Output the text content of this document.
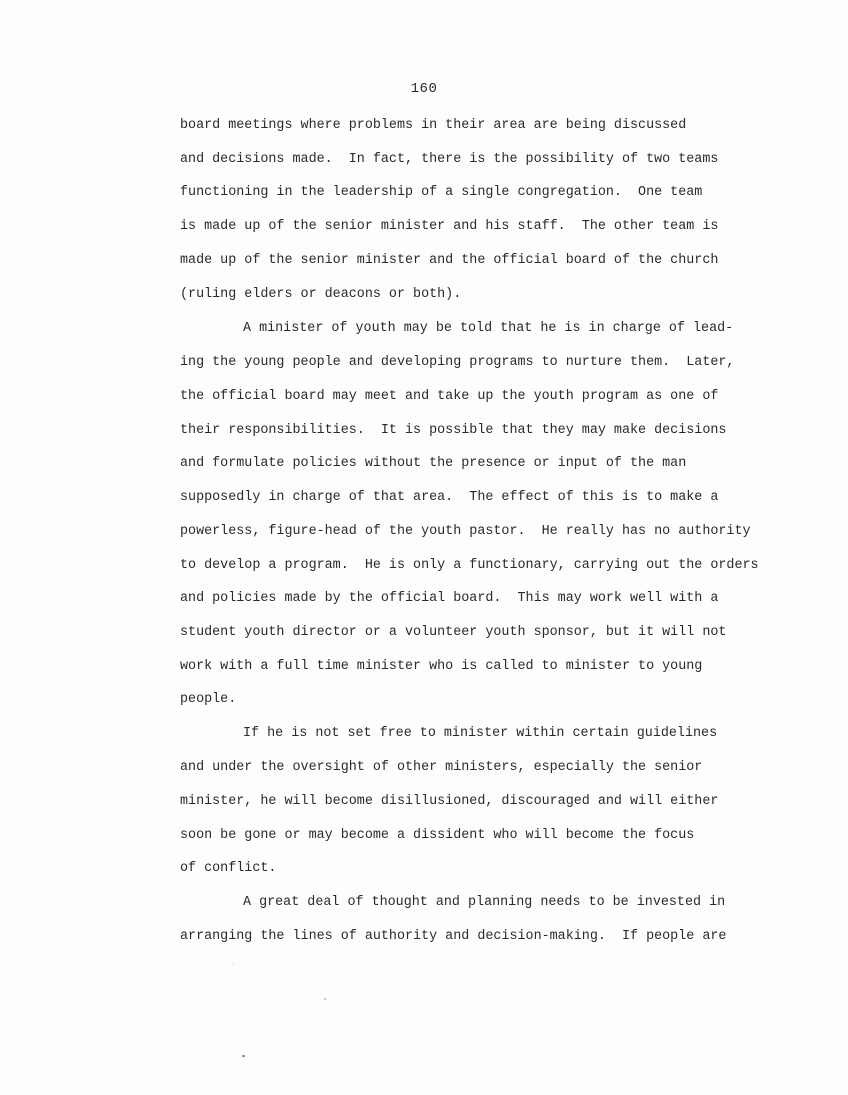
160
board meetings where problems in their area are being discussed
and decisions made.  In fact, there is the possibility of two teams
functioning in the leadership of a single congregation.  One team
is made up of the senior minister and his staff.  The other team is
made up of the senior minister and the official board of the church
(ruling elders or deacons or both).
A minister of youth may be told that he is in charge of lead-
ing the young people and developing programs to nurture them.  Later,
the official board may meet and take up the youth program as one of
their responsibilities.  It is possible that they may make decisions
and formulate policies without the presence or input of the man
supposedly in charge of that area.  The effect of this is to make a
powerless, figure-head of the youth pastor.  He really has no authority
to develop a program.  He is only a functionary, carrying out the orders
and policies made by the official board.  This may work well with a
student youth director or a volunteer youth sponsor, but it will not
work with a full time minister who is called to minister to young
people.
If he is not set free to minister within certain guidelines
and under the oversight of other ministers, especially the senior
minister, he will become disillusioned, discouraged and will either
soon be gone or may become a dissident who will become the focus
of conflict.
A great deal of thought and planning needs to be invested in
arranging the lines of authority and decision-making.  If people are
